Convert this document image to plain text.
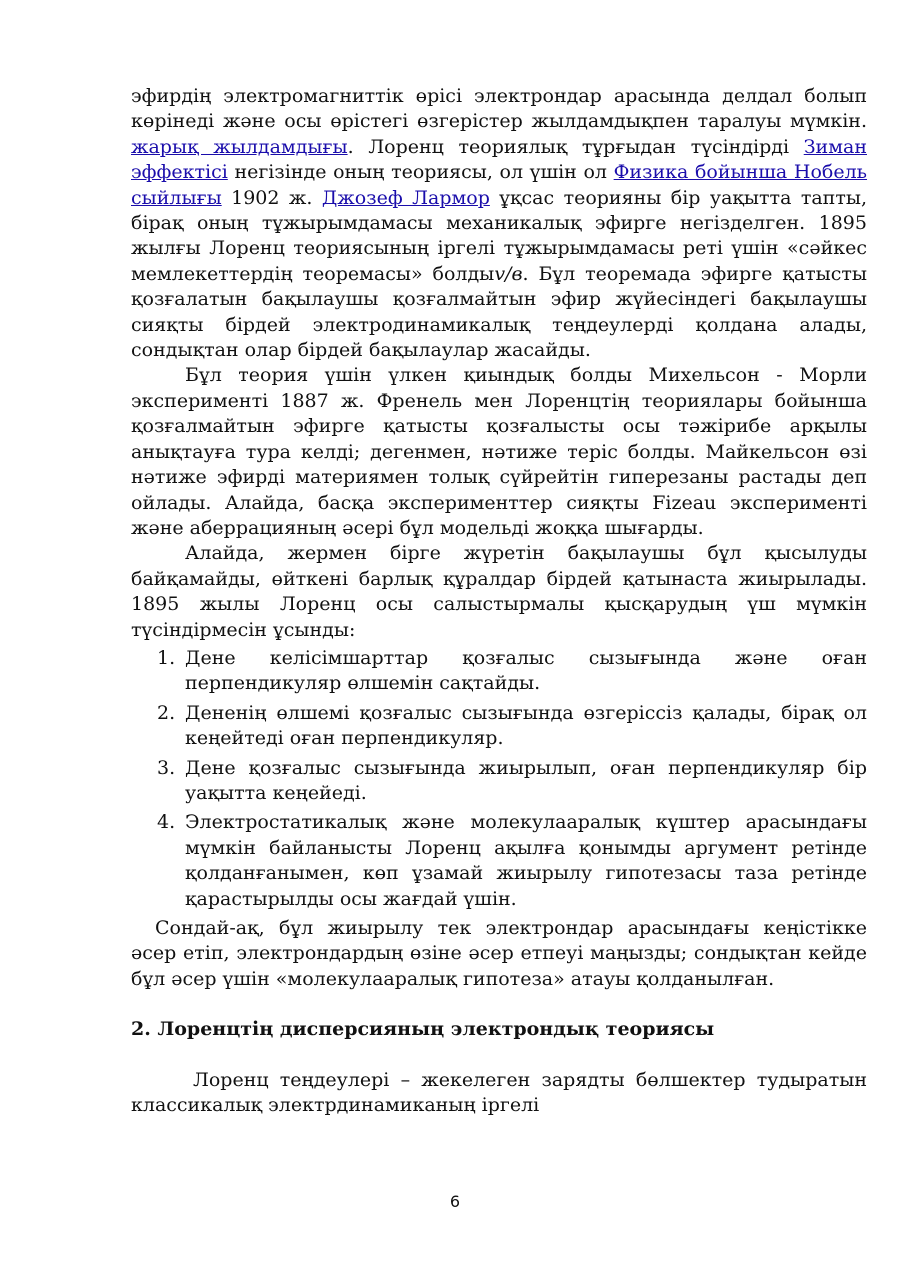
эфирдің электромагниттік өрісі электрондар арасында делдал болып көрінеді және осы өрістегі өзгерістер жылдамдықпен таралуы мүмкін. жарық жылдамдығы. Лоренц теориялық тұрғыдан түсіндірді Зиман эффектісі негізінде оның теориясы, ол үшін ол Физика бойынша Нобель сыйлығы 1902 ж. Джозеф Лармор ұқсас теорияны бір уақытта тапты, бірақ оның тұжырымдамасы механикалық эфирге негізделген. 1895 жылғы Лоренц теориясының іргелі тұжырымдамасы реті үшін «сәйкес мемлекеттердің теоремасы» болдыv/в. Бұл теоремада эфирге қатысты қозғалатын бақылаушы қозғалмайтын эфир жүйесіндегі бақылаушы сияқты бірдей электродинамикалық теңдеулерді қолдана алады, сондықтан олар бірдей бақылаулар жасайды.

Бұл теория үшін үлкен қиындық болды Михельсон - Морли эксперименті 1887 ж. Френель мен Лоренцтің теориялары бойынша қозғалмайтын эфирге қатысты қозғалысты осы тәжірибе арқылы анықтауға тура келді; дегенмен, нәтиже теріс болды. Майкельсон өзі нәтиже эфирді материямен толық сүйрейтін гиперезаны растады деп ойлады. Алайда, басқа эксперименттер сияқты Fizeau эксперименті және аберрацияның әсері бұл модельді жоққа шығарды.

Алайда, жермен бірге жүретін бақылаушы бұл қысылуды байқамайды, өйткені барлық құралдар бірдей қатынаста жиырылады. 1895 жылы Лоренц осы салыстырмалы қысқарудың үш мүмкін түсіндірмесін ұсынды:

1. Дене келісімшарттар қозғалыс сызығында және оған перпендикуляр өлшемін сақтайды.
2. Дененің өлшемі қозғалыс сызығында өзгеріссіз қалады, бірақ ол кеңейтеді оған перпендикуляр.
3. Дене қозғалыс сызығында жиырылып, оған перпендикуляр бір уақытта кеңейеді.
4. Электростатикалық және молекулааралық күштер арасындағы мүмкін байланысты Лоренц ақылға қонымды аргумент ретінде қолданғанымен, көп ұзамай жиырылу гипотезасы таза ретінде қарастырылды осы жағдай үшін.

Сондай-ақ, бұл жиырылу тек электрондар арасындағы кеңістікке әсер етіп, электрондардың өзіне әсер етпеуі маңызды; сондықтан кейде бұл әсер үшін «молекулааралық гипотеза» атауы қолданылған.

2. Лоренцтің дисперсияның электрондық теориясы

Лоренц теңдеулері – жекелеген зарядты бөлшектер тудыратын классикалық электрдинамиканың іргелі

6
